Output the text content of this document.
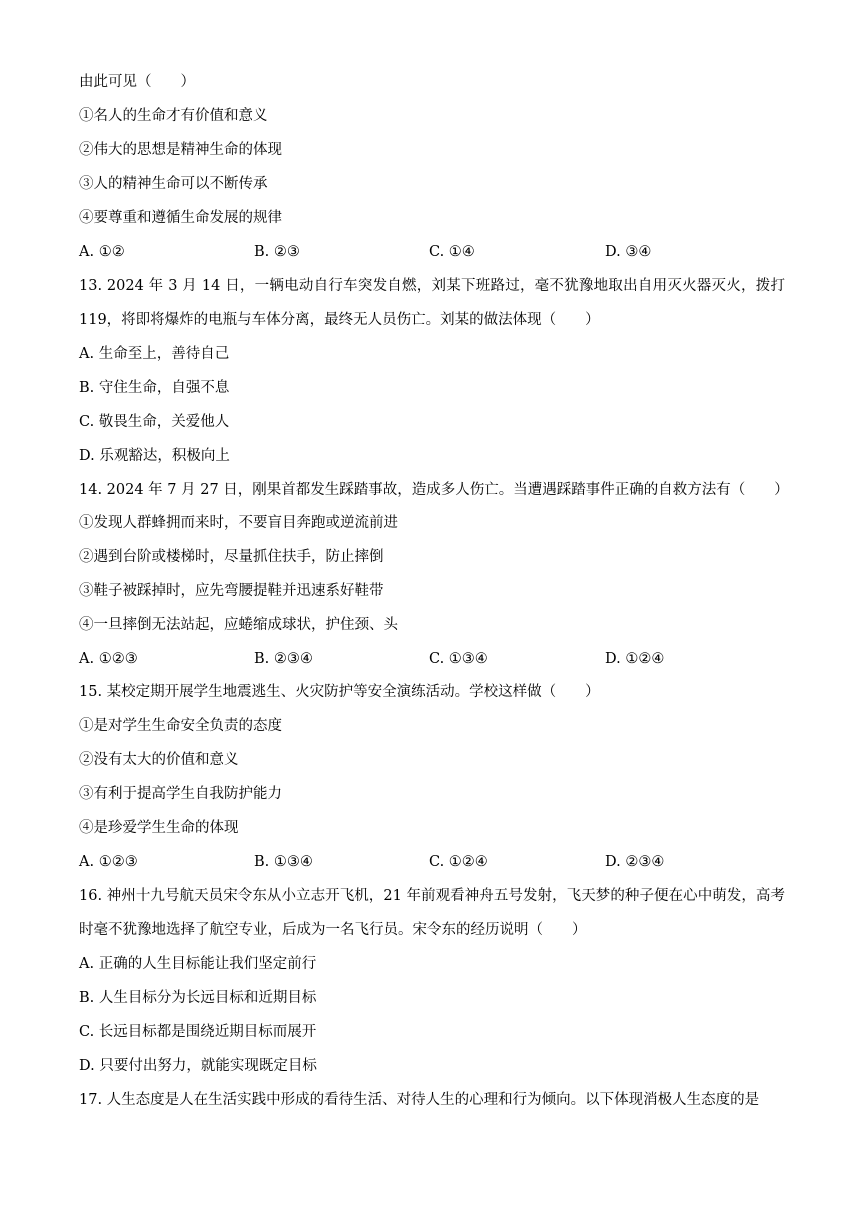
由此可见（　　）
①名人的生命才有价值和意义
②伟大的思想是精神生命的体现
③人的精神生命可以不断传承
④要尊重和遵循生命发展的规律
A. ①②	B. ②③	C. ①④	D. ③④
13. 2024 年 3 月 14 日，一辆电动自行车突发自燃，刘某下班路过，毫不犹豫地取出自用灭火器灭火，拨打 119，将即将爆炸的电瓶与车体分离，最终无人员伤亡。刘某的做法体现（　　）
A. 生命至上，善待自己
B. 守住生命，自强不息
C. 敬畏生命，关爱他人
D. 乐观豁达，积极向上
14. 2024 年 7 月 27 日，刚果首都发生踩踏事故，造成多人伤亡。当遭遇踩踏事件正确的自救方法有（　　）
①发现人群蜂拥而来时，不要盲目奔跑或逆流前进
②遇到台阶或楼梯时，尽量抓住扶手，防止摔倒
③鞋子被踩掉时，应先弯腰提鞋并迅速系好鞋带
④一旦摔倒无法站起，应蜷缩成球状，护住颈、头
A. ①②③	B. ②③④	C. ①③④	D. ①②④
15. 某校定期开展学生地震逃生、火灾防护等安全演练活动。学校这样做（　　）
①是对学生生命安全负责的态度
②没有太大的价值和意义
③有利于提高学生自我防护能力
④是珍爱学生生命的体现
A. ①②③	B. ①③④	C. ①②④	D. ②③④
16. 神州十九号航天员宋令东从小立志开飞机，21 年前观看神舟五号发射，飞天梦的种子便在心中萌发，高考时毫不犹豫地选择了航空专业，后成为一名飞行员。宋令东的经历说明（　　）
A. 正确的人生目标能让我们坚定前行
B. 人生目标分为长远目标和近期目标
C. 长远目标都是围绕近期目标而展开
D. 只要付出努力，就能实现既定目标
17. 人生态度是人在生活实践中形成的看待生活、对待人生的心理和行为倾向。以下体现消极人生态度的是
